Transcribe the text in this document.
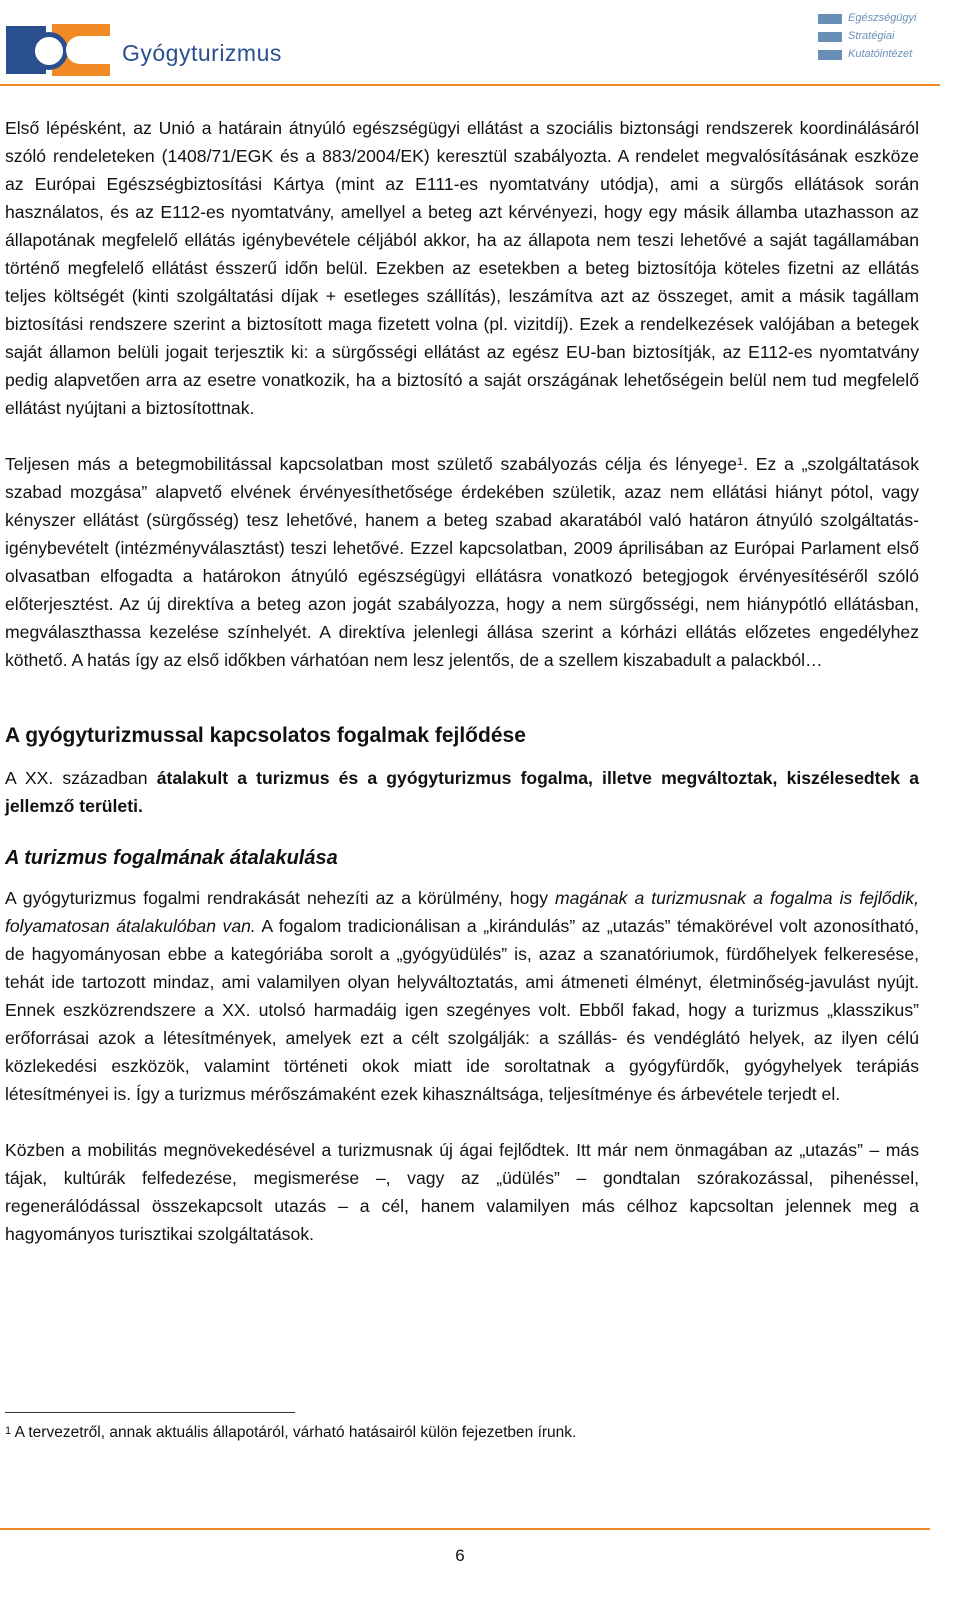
Gyógyturizmus
Egészségügyi
Stratégiai
Kutatóintézet

Első lépésként, az Unió a határain átnyúló egészségügyi ellátást a szociális biztonsági rendszerek koordinálásáról szóló rendeleteken (1408/71/EGK és a 883/2004/EK) keresztül szabályozta. A rendelet megvalósításának eszköze az Európai Egészségbiztosítási Kártya (mint az E111-es nyomtatvány utódja), ami a sürgős ellátások során használatos, és az E112-es nyomtatvány, amellyel a beteg azt kérvényezi, hogy egy másik államba utazhasson az állapotának megfelelő ellátás igénybevétele céljából akkor, ha az állapota nem teszi lehetővé a saját tagállamában történő megfelelő ellátást ésszerű időn belül. Ezekben az esetekben a beteg biztosítója köteles fizetni az ellátás teljes költségét (kinti szolgáltatási díjak + esetleges szállítás), leszámítva azt az összeget, amit a másik tagállam biztosítási rendszere szerint a biztosított maga fizetett volna (pl. vizitdíj). Ezek a rendelkezések valójában a betegek saját államon belüli jogait terjesztik ki: a sürgősségi ellátást az egész EU-ban biztosítják, az E112-es nyomtatvány pedig alapvetően arra az esetre vonatkozik, ha a biztosító a saját országának lehetőségein belül nem tud megfelelő ellátást nyújtani a biztosítottnak.

Teljesen más a betegmobilitással kapcsolatban most születő szabályozás célja és lényege$^1$. Ez a „szolgáltatások szabad mozgása” alapvető elvének érvényesíthetősége érdekében születik, azaz nem ellátási hiányt pótol, vagy kényszer ellátást (sürgősség) tesz lehetővé, hanem a beteg szabad akaratából való határon átnyúló szolgáltatás-igénybevételt (intézményválasztást) teszi lehetővé. Ezzel kapcsolatban, 2009 áprilisában az Európai Parlament első olvasatban elfogadta a határokon átnyúló egészségügyi ellátásra vonatkozó betegjogok érvényesítéséről szóló előterjesztést. Az új direktíva a beteg azon jogát szabályozza, hogy a nem sürgősségi, nem hiánypótló ellátásban, megválaszthassa kezelése színhelyét. A direktíva jelenlegi állása szerint a kórházi ellátás előzetes engedélyhez köthető. A hatás így az első időkben várhatóan nem lesz jelentős, de a szellem kiszabadult a palackból…

A gyógyturizmussal kapcsolatos fogalmak fejlődése

A XX. században átalakult a turizmus és a gyógyturizmus fogalma, illetve megváltoztak, kiszélesedtek a jellemző területi.

A turizmus fogalmának átalakulása

A gyógyturizmus fogalmi rendrakását nehezíti az a körülmény, hogy magának a turizmusnak a fogalma is fejlődik, folyamatosan átalakulóban van. A fogalom tradicionálisan a „kirándulás” az „utazás” témakörével volt azonosítható, de hagyományosan ebbe a kategóriába sorolt a „gyógyüdülés” is, azaz a szanatóriumok, fürdőhelyek felkeresése, tehát ide tartozott mindaz, ami valamilyen olyan helyváltoztatás, ami átmeneti élményt, életminőség-javulást nyújt. Ennek eszközrendszere a XX. utolsó harmadáig igen szegényes volt. Ebből fakad, hogy a turizmus „klasszikus” erőforrásai azok a létesítmények, amelyek ezt a célt szolgálják: a szállás- és vendéglátó helyek, az ilyen célú közlekedési eszközök, valamint történeti okok miatt ide soroltatnak a gyógyfürdők, gyógyhelyek terápiás létesítményei is. Így a turizmus mérőszámaként ezek kihasználtsága, teljesítménye és árbevétele terjedt el.

Közben a mobilitás megnövekedésével a turizmusnak új ágai fejlődtek. Itt már nem önmagában az „utazás” – más tájak, kultúrák felfedezése, megismerése –, vagy az „üdülés” – gondtalan szórakozással, pihenéssel, regenerálódással összekapcsolt utazás – a cél, hanem valamilyen más célhoz kapcsoltan jelennek meg a hagyományos turisztikai szolgáltatások.

$^1$ A tervezetről, annak aktuális állapotáról, várható hatásairól külön fejezetben írunk.
6
